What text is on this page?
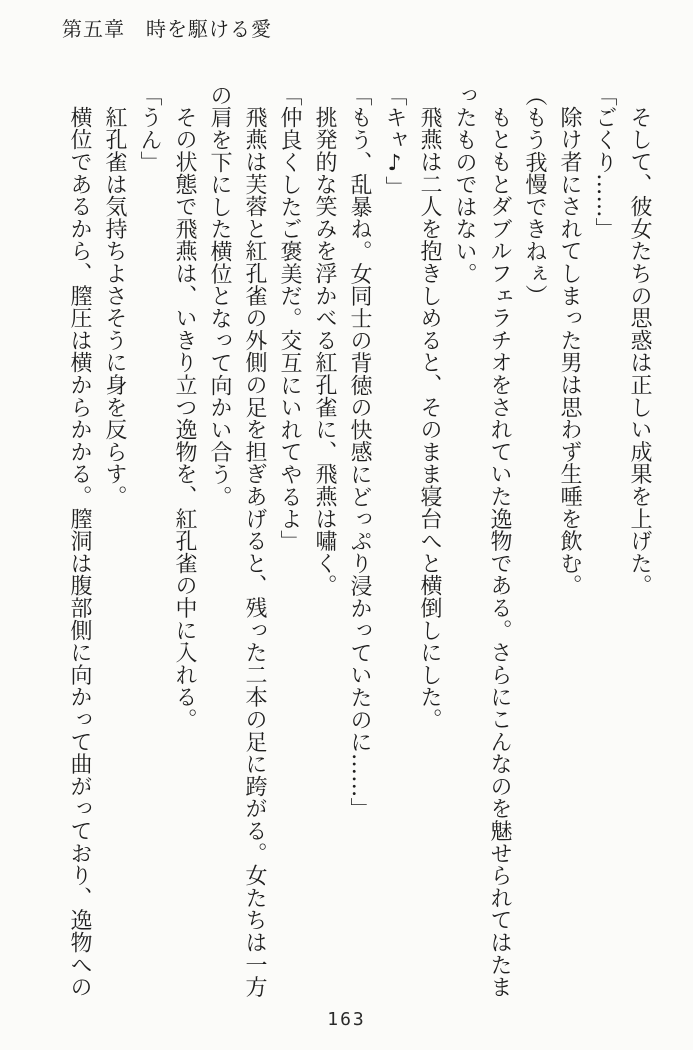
第五章　時を駆ける愛

そして、彼女たちの思惑は正しい成果を上げた。

「ごくり……」

除け者にされてしまった男は思わず生唾を飲む。

（もう我慢できねぇ）

もともとダブルフェラチオをされていた逸物である。さらにこんなのを魅せられてはたまったものではない。

飛燕は二人を抱きしめると、そのまま寝台へと横倒しにした。

「キャ♪」

「もう、乱暴ね。女同士の背徳の快感にどっぷり浸かっていたのに……」

挑発的な笑みを浮かべる紅孔雀に、飛燕は嘯く。

「仲良くしたご褒美だ。交互にいれてやるよ」

飛燕は芙蓉と紅孔雀の外側の足を担ぎあげると、残った二本の足に跨がる。女たちは一方の肩を下にした横位となって向かい合う。

その状態で飛燕は、いきり立つ逸物を、紅孔雀の中に入れる。

「うん」

紅孔雀は気持ちよさそうに身を反らす。

横位であるから、膣圧は横からかかる。膣洞は腹部側に向かって曲がっており、逸物への

163
